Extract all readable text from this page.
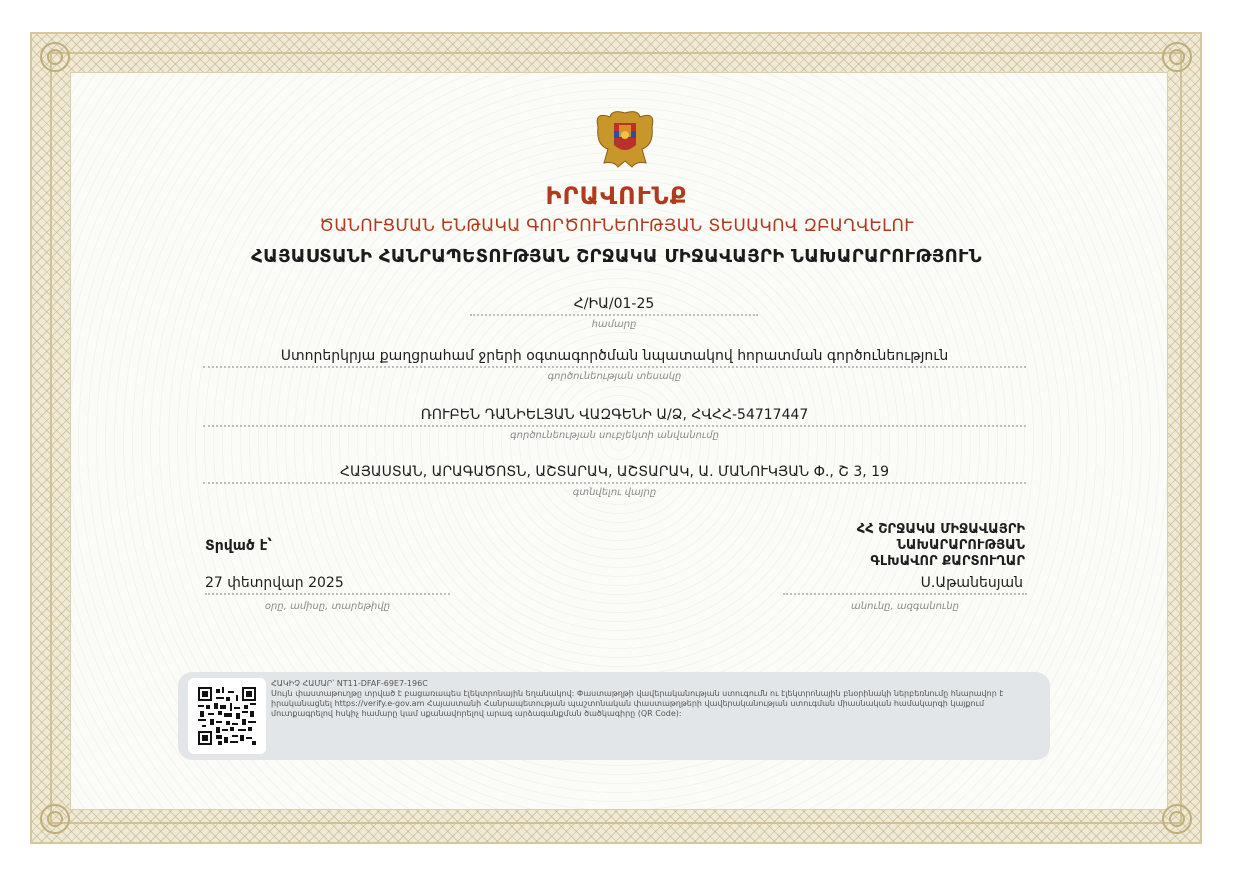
ԻՐԱՎՈՒՆՔ
ԾԱՆՈՒՑՄԱՆ ԵՆԹԱԿԱ ԳՈՐԾՈՒՆԵՈՒԹՅԱՆ ՏԵՍԱԿՈՎ ԶԲԱՂՎԵԼՈՒ
ՀԱՅԱՍՏԱՆԻ ՀԱՆՐԱՊԵՏՈՒԹՅԱՆ ՇՐՋԱԿԱ ՄԻՋԱՎԱՅՐԻ ՆԱԽԱՐԱՐՈՒԹՅՈՒՆ
Հ/ԻԱ/01-25
համարը
Ստորերկրյա քաղցրահամ ջրերի օգտագործման նպատակով հորատման գործունեություն
գործունեության տեսակը
ՌՈՒԲԵՆ ԴԱՆԻԵԼՅԱՆ ՎԱԶԳԵՆԻ Ա/Ձ, ՀՎՀՀ-54717447
գործունեության սուբյեկտի անվանումը
ՀԱՅԱՍՏԱՆ, ԱՐԱԳԱԾՈՏՆ, ԱՇՏԱՐԱԿ, ԱՇՏԱՐԱԿ, Ա. ՄԱՆՈՒԿՅԱՆ Փ., Շ 3, 19
գտնվելու վայրը
Տրված է՝
27 փետրվար 2025
օրը, ամիսը, տարեթիվը
ՀՀ ՇՐՋԱԿԱ ՄԻՋԱՎԱՅՐԻ
ՆԱԽԱՐԱՐՈՒԹՅԱՆ
ԳԼԽԱՎՈՐ ՔԱՐՏՈՒՂԱՐ
Ս.Աթանեսյան
անունը, ազգանունը
ՀԱԿԻՉ ՀԱՄԱՐ՝ NT11-DFAF-69E7-196C
Սույն փաստաթուղթը տրված է բացառապես էլեկտրոնային եղանակով: Փաստաթղթի վավերականության ստուգումն ու էլեկտրոնային բնօրինակի ներբեռնումը հնարավոր է իրականացնել https://verify.e-gov.am Հայաստանի Հանրապետության պաշտոնական փաստաթղթերի վավերականության ստուգման միասնական համակարգի կայքում մուտքագրելով հսկիչ համարը կամ սքանավորելով արագ արձագանքման ծածկագիրը (QR Code):
